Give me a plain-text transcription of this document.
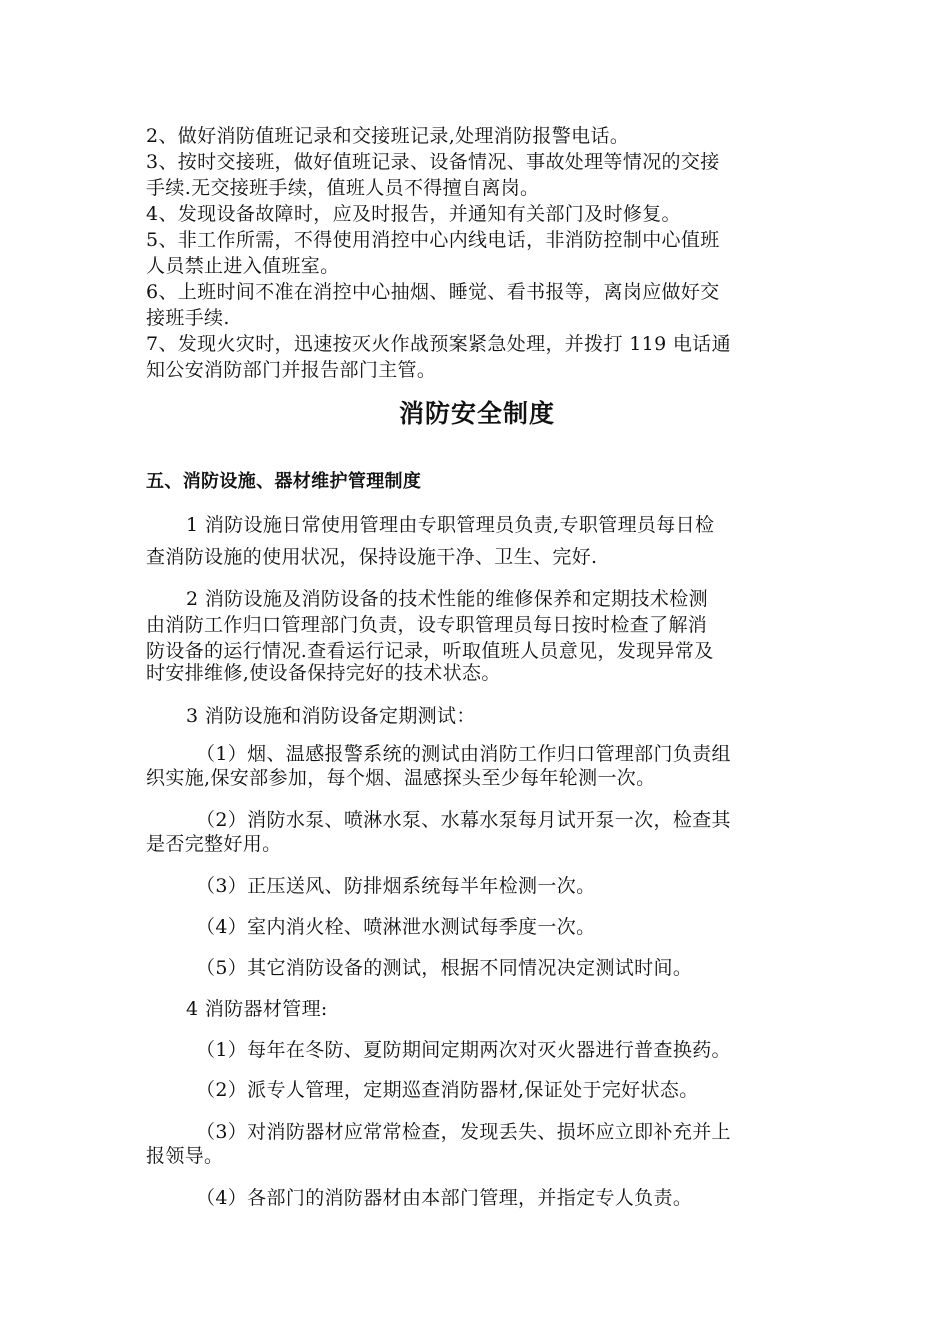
2、做好消防值班记录和交接班记录,处理消防报警电话。
3、按时交接班，做好值班记录、设备情况、事故处理等情况的交接
手续.无交接班手续，值班人员不得擅自离岗。
4、发现设备故障时，应及时报告，并通知有关部门及时修复。
5、非工作所需，不得使用消控中心内线电话，非消防控制中心值班
人员禁止进入值班室。
6、上班时间不准在消控中心抽烟、睡觉、看书报等，离岗应做好交
接班手续.
7、发现火灾时，迅速按灭火作战预案紧急处理，并拨打 119 电话通
知公安消防部门并报告部门主管。
消防安全制度
五、消防设施、器材维护管理制度
1 消防设施日常使用管理由专职管理员负责,专职管理员每日检
查消防设施的使用状况，保持设施干净、卫生、完好.
2 消防设施及消防设备的技术性能的维修保养和定期技术检测
由消防工作归口管理部门负责，设专职管理员每日按时检查了解消
防设备的运行情况.查看运行记录，听取值班人员意见，发现异常及
时安排维修,使设备保持完好的技术状态。
3 消防设施和消防设备定期测试：
（1）烟、温感报警系统的测试由消防工作归口管理部门负责组
织实施,保安部参加，每个烟、温感探头至少每年轮测一次。
（2）消防水泵、喷淋水泵、水幕水泵每月试开泵一次，检查其
是否完整好用。
（3）正压送风、防排烟系统每半年检测一次。
（4）室内消火栓、喷淋泄水测试每季度一次。
（5）其它消防设备的测试，根据不同情况决定测试时间。
4 消防器材管理:
（1）每年在冬防、夏防期间定期两次对灭火器进行普查换药。
（2）派专人管理，定期巡查消防器材,保证处于完好状态。
（3）对消防器材应常常检查，发现丢失、损坏应立即补充并上
报领导。
（4）各部门的消防器材由本部门管理，并指定专人负责。
